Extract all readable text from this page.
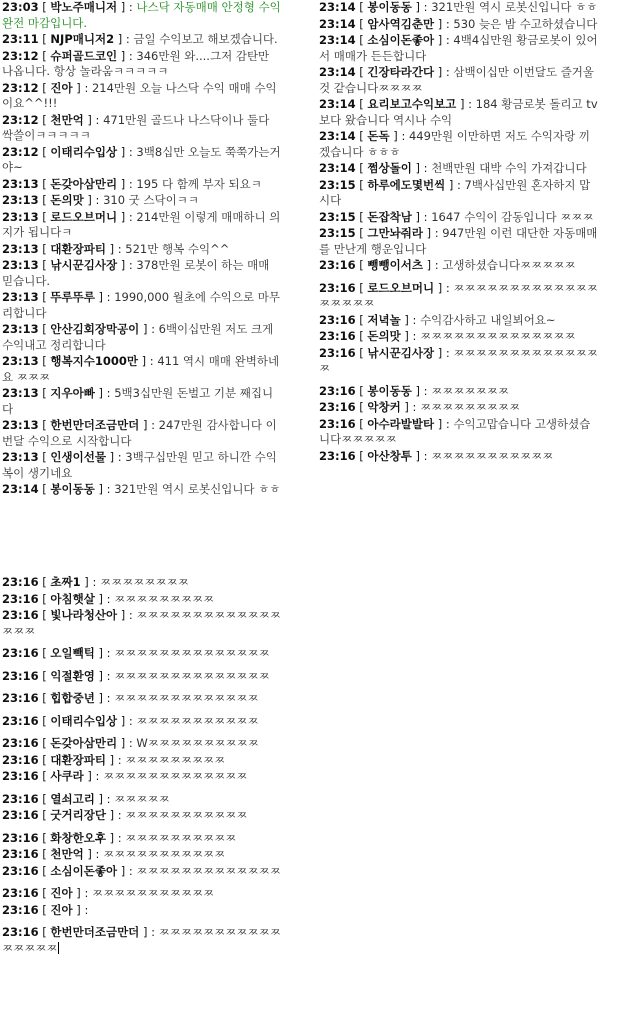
23:03 [ 박노주매니저 ] : 나스닥 자동매매 안정형 수익 완전 마감입니다.
23:11 [ NJP매니저2 ] : 금일 수익보고 해보겠습니다.
23:12 [ 슈퍼골드코인 ] : 346만원 와....그저 감탄만 나옵니다. 항상 놀라움ㅋㅋㅋㅋㅋ
23:12 [ 진아 ] : 214만원 오늘 나스닥 수익 매매 수익이요^^!!!
23:12 [ 천만억 ] : 471만원 골드나 나스닥이나 둘다 싹쓸이ㅋㅋㅋㅋㅋ
23:12 [ 이태리수입상 ] : 3백8십만 오늘도 쭉쭉가는거야~
23:13 [ 돈갖아삼만리 ] : 195 다 함께 부자 되요ㅋ
23:13 [ 돈의맛 ] : 310 굿 스닥이ㅋㅋ
23:13 [ 로드오브머니 ] : 214만원 이렇게 매매하니 의지가 됩니다ㅋ
23:13 [ 대환장파티 ] : 521만 행복 수익^^
23:13 [ 낚시꾼김사장 ] : 378만원 로봇이 하는 매매 믿습니다.
23:13 [ 뚜루뚜루 ] : 1990,000 월초에 수익으로 마무리합니다
23:13 [ 안산김회장막공이 ] : 6백이십만원 저도 크게 수익내고 정리합니다
23:13 [ 행복지수1000만 ] : 411 역시 매매 완벽하네요 ㅉㅉㅉ
23:13 [ 지우아빠 ] : 5백3십만원 돈벌고 기분 째집니다
23:13 [ 한번만더조금만더 ] : 247만원 감사합니다 이번달 수익으로 시작합니다
23:13 [ 인생이선물 ] : 3백구십만원 믿고 하니깐 수익 복이 생기네요
23:14 [ 봉이동동 ] : 321만원 역시 로봇신입니다 ㅎㅎ
23:14 [ 봉이동동 ] : 321만원 역시 로봇신입니다 ㅎㅎ
23:14 [ 암사역김춘만 ] : 530 늦은 밤 수고하셨습니다
23:14 [ 소심이돈좋아 ] : 4백4십만원 황금로봇이 있어서 매매가 든든합니다
23:14 [ 긴장타라간다 ] : 삼백이십만 이번달도 즐거울것 같습니다ㅉㅉㅉㅉ
23:14 [ 요리보고수익보고 ] : 184 황금로봇 돌리고 tv보다 왔습니다 역시나 수익
23:14 [ 돈독 ] : 449만원 이만하면 저도 수익자랑 끼겠습니다 ㅎㅎㅎ
23:14 [ 쩜상돌이 ] : 천백만원 대박 수익 가져갑니다
23:15 [ 하루에도몇번씩 ] : 7백사십만원 혼자하지 맙시다
23:15 [ 돈잡착남 ] : 1647 수익이 감동입니다 ㅉㅉㅉ
23:15 [ 그만놔줘라 ] : 947만원 이런 대단한 자동매매를 만난게 행운입니다
23:16 [ 뺑뺑이서츠 ] : 고생하셨습니다ㅉㅉㅉㅉㅉ
23:16 [ 로드오브머니 ] : ㅉㅉㅉㅉㅉㅉㅉㅉㅉㅉㅉㅉㅉㅉㅉㅉㅉㅉ
23:16 [ 저녁놀 ] : 수익감사하고 내일뵈어요~
23:16 [ 돈의맛 ] : ㅉㅉㅉㅉㅉㅉㅉㅉㅉㅉㅉㅉㅉㅉ
23:16 [ 낚시꾼김사장 ] : ㅉㅉㅉㅉㅉㅉㅉㅉㅉㅉㅉㅉㅉㅉ
23:16 [ 봉이동동 ] : ㅉㅉㅉㅉㅉㅉㅉ
23:16 [ 악창커 ] : ㅉㅉㅉㅉㅉㅉㅉㅉㅉ
23:16 [ 아수라발발타 ] : 수익고맙습니다 고생하셨습니다ㅉㅉㅉㅉㅉ
23:16 [ 아산창투 ] : ㅉㅉㅉㅉㅉㅉㅉㅉㅉㅉㅉ
23:16 [ 초짜1 ] : ㅉㅉㅉㅉㅉㅉㅉㅉ
23:16 [ 아침햇살 ] : ㅉㅉㅉㅉㅉㅉㅉㅉㅉ
23:16 [ 빛나라청산아 ] : ㅉㅉㅉㅉㅉㅉㅉㅉㅉㅉㅉㅉㅉㅉㅉㅉ
23:16 [ 오일빽틱 ] : ㅉㅉㅉㅉㅉㅉㅉㅉㅉㅉㅉㅉㅉㅉ
23:16 [ 익절환영 ] : ㅉㅉㅉㅉㅉㅉㅉㅉㅉㅉㅉㅉㅉㅉ
23:16 [ 힙합중년 ] : ㅉㅉㅉㅉㅉㅉㅉㅉㅉㅉㅉㅉㅉ
23:16 [ 이태리수입상 ] : ㅉㅉㅉㅉㅉㅉㅉㅉㅉㅉㅉ
23:16 [ 돈갖아삼만리 ] : Wㅉㅉㅉㅉㅉㅉㅉㅉㅉㅉ
23:16 [ 대환장파티 ] : ㅉㅉㅉㅉㅉㅉㅉㅉㅉ
23:16 [ 사쿠라 ] : ㅉㅉㅉㅉㅉㅉㅉㅉㅉㅉㅉㅉㅉ
23:16 [ 열쇠고리 ] : ㅉㅉㅉㅉㅉ
23:16 [ 굿거리장단 ] : ㅉㅉㅉㅉㅉㅉㅉㅉㅉㅉㅉ
23:16 [ 화창한오후 ] : ㅉㅉㅉㅉㅉㅉㅉㅉㅉㅉ
23:16 [ 천만억 ] : ㅉㅉㅉㅉㅉㅉㅉㅉㅉㅉㅉ
23:16 [ 소심이돈좋아 ] : ㅉㅉㅉㅉㅉㅉㅉㅉㅉㅉㅉㅉㅉ
23:16 [ 진아 ] : ㅉㅉㅉㅉㅉㅉㅉㅉㅉㅉㅉ
23:16 [ 진아 ] :
23:16 [ 한번만더조금만더 ] : ㅉㅉㅉㅉㅉㅉㅉㅉㅉㅉㅉㅉㅉㅉㅉㅉ
